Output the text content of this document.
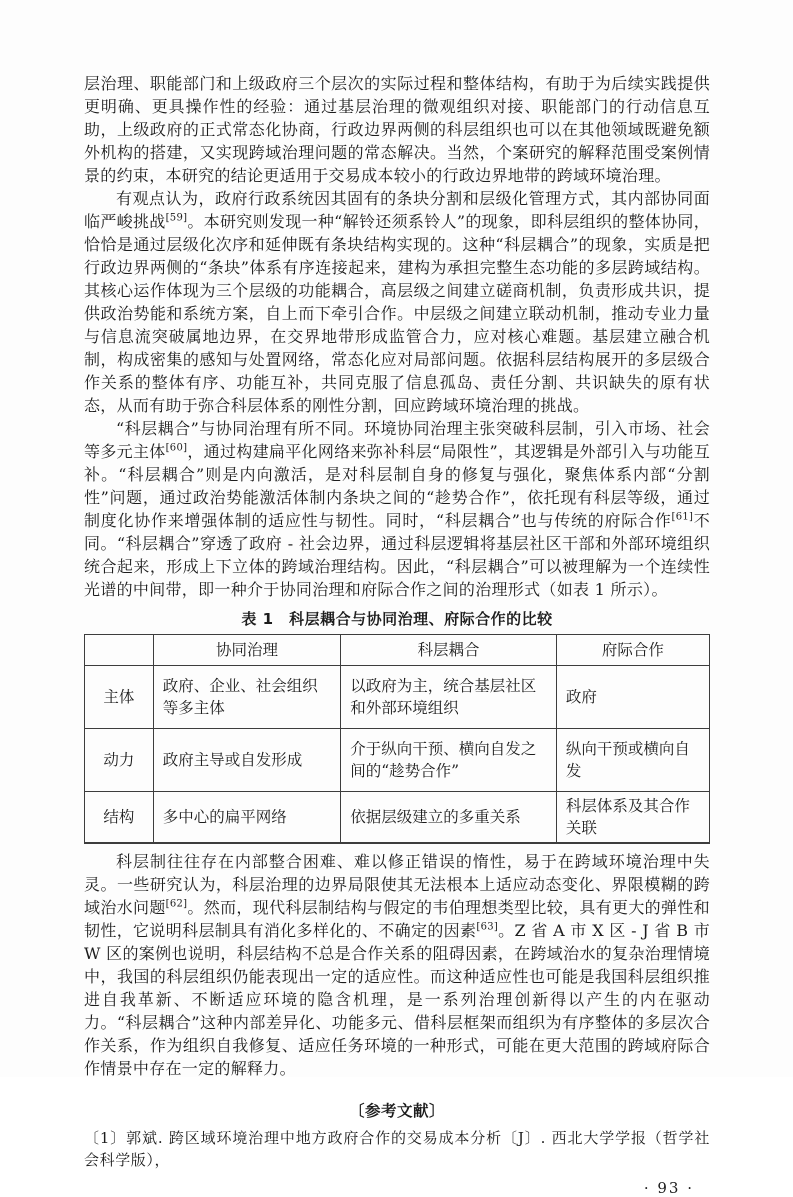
层治理、职能部门和上级政府三个层次的实际过程和整体结构，有助于为后续实践提供更明确、更具操作性的经验：通过基层治理的微观组织对接、职能部门的行动信息互助，上级政府的正式常态化协商，行政边界两侧的科层组织也可以在其他领域既避免额外机构的搭建，又实现跨域治理问题的常态解决。当然，个案研究的解释范围受案例情景的约束，本研究的结论更适用于交易成本较小的行政边界地带的跨域环境治理。

有观点认为，政府行政系统因其固有的条块分割和层级化管理方式，其内部协同面临严峻挑战[59]。本研究则发现一种“解铃还须系铃人”的现象，即科层组织的整体协同，恰恰是通过层级化次序和延伸既有条块结构实现的。这种“科层耦合”的现象，实质是把行政边界两侧的“条块”体系有序连接起来，建构为承担完整生态功能的多层跨域结构。其核心运作体现为三个层级的功能耦合，高层级之间建立磋商机制，负责形成共识，提供政治势能和系统方案，自上而下牵引合作。中层级之间建立联动机制，推动专业力量与信息流突破属地边界，在交界地带形成监管合力，应对核心难题。基层建立融合机制，构成密集的感知与处置网络，常态化应对局部问题。依据科层结构展开的多层级合作关系的整体有序、功能互补，共同克服了信息孤岛、责任分割、共识缺失的原有状态，从而有助于弥合科层体系的刚性分割，回应跨域环境治理的挑战。

“科层耦合”与协同治理有所不同。环境协同治理主张突破科层制，引入市场、社会等多元主体[60]，通过构建扁平化网络来弥补科层“局限性”，其逻辑是外部引入与功能互补。“科层耦合”则是内向激活，是对科层制自身的修复与强化，聚焦体系内部“分割性”问题，通过政治势能激活体制内条块之间的“趁势合作”，依托现有科层等级，通过制度化协作来增强体制的适应性与韧性。同时，“科层耦合”也与传统的府际合作[61]不同。“科层耦合”穿透了政府 - 社会边界，通过科层逻辑将基层社区干部和外部环境组织统合起来，形成上下立体的跨域治理结构。因此，“科层耦合”可以被理解为一个连续性光谱的中间带，即一种介于协同治理和府际合作之间的治理形式（如表 1 所示）。

表 1　科层耦合与协同治理、府际合作的比较
	协同治理	科层耦合	府际合作
主体	政府、企业、社会组织等多主体	以政府为主，统合基层社区和外部环境组织	政府
动力	政府主导或自发形成	介于纵向干预、横向自发之间的“趁势合作”	纵向干预或横向自发
结构	多中心的扁平网络	依据层级建立的多重关系	科层体系及其合作关联

科层制往往存在内部整合困难、难以修正错误的惰性，易于在跨域环境治理中失灵。一些研究认为，科层治理的边界局限使其无法根本上适应动态变化、界限模糊的跨域治水问题[62]。然而，现代科层制结构与假定的韦伯理想类型比较，具有更大的弹性和韧性，它说明科层制具有消化多样化的、不确定的因素[63]。Z 省 A 市 X 区 - J 省 B 市 W 区的案例也说明，科层结构不总是合作关系的阻碍因素，在跨域治水的复杂治理情境中，我国的科层组织仍能表现出一定的适应性。而这种适应性也可能是我国科层组织推进自我革新、不断适应环境的隐含机理，是一系列治理创新得以产生的内在驱动力。“科层耦合”这种内部差异化、功能多元、借科层框架而组织为有序整体的多层次合作关系，作为组织自我修复、适应任务环境的一种形式，可能在更大范围的跨域府际合作情景中存在一定的解释力。

〔参考文献〕
〔1〕郭斌. 跨区域环境治理中地方政府合作的交易成本分析〔J〕. 西北大学学报（哲学社会科学版），
· 93 ·
